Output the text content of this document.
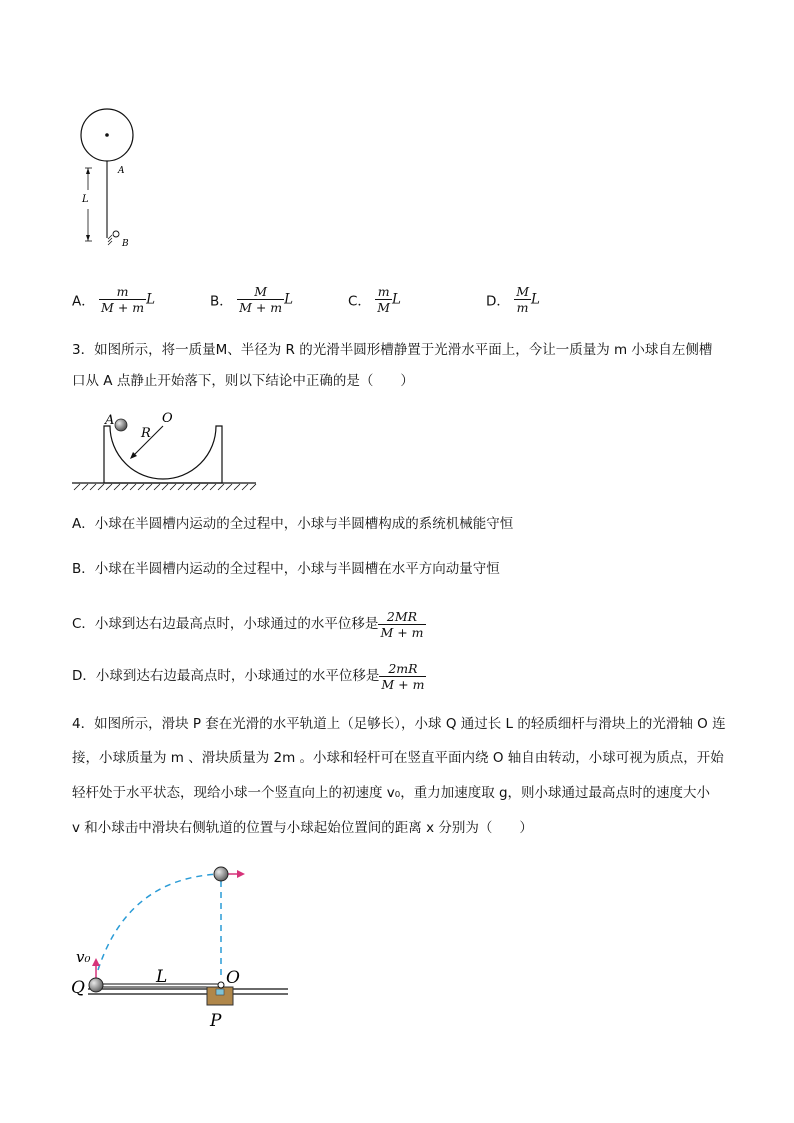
A
L
B
A． $\frac{m}{M + m}$ L	B． $\frac{M}{M + m}$ L	C． $\frac{m}{M}$ L	D． $\frac{M}{m}$ L
3．如图所示，将一质量M、半径为 R 的光滑半圆形槽静置于光滑水平面上，今让一质量为 m 小球自左侧槽
口从 A 点静止开始落下，则以下结论中正确的是（　　）
A
R
O
A．小球在半圆槽内运动的全过程中，小球与半圆槽构成的系统机械能守恒
B．小球在半圆槽内运动的全过程中，小球与半圆槽在水平方向动量守恒
C．小球到达右边最高点时，小球通过的水平位移是 $\frac{2MR}{M + m}$
D．小球到达右边最高点时，小球通过的水平位移是 $\frac{2mR}{M + m}$
4．如图所示，滑块 P 套在光滑的水平轨道上（足够长），小球 Q 通过长 L 的轻质细杆与滑块上的光滑轴 O 连
接，小球质量为 m 、滑块质量为 2m 。小球和轻杆可在竖直平面内绕 O 轴自由转动，小球可视为质点，开始
轻杆处于水平状态，现给小球一个竖直向上的初速度 v₀，重力加速度取 g，则小球通过最高点时的速度大小
v 和小球击中滑块右侧轨道的位置与小球起始位置间的距离 x 分别为（　　）
v₀
L	O
Q
P
